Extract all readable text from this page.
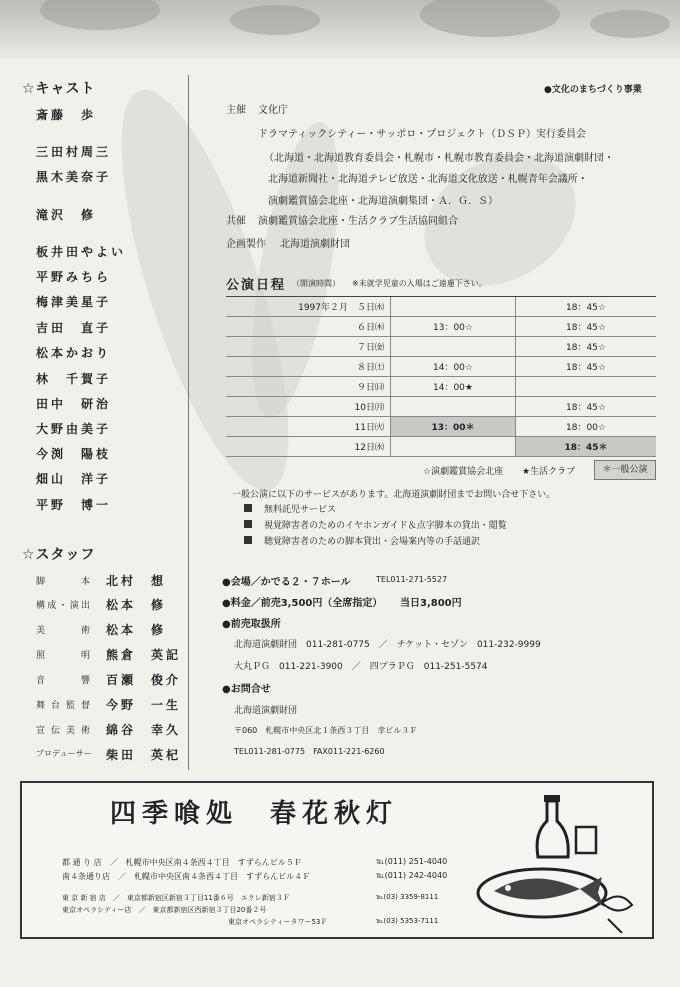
☆キャスト
斎藤　歩
三田村周三
黒木美奈子
滝沢　修
板井田やよい
平野みちら
梅津美星子
吉田　直子
松本かおり
林　千賀子
田中　研治
大野由美子
今渕　陽枝
畑山　洋子
平野　博一
☆スタッフ
脚本 北村　想
構成・演出 松本　修
美術 松本　修
照明 熊倉　英記
音響 百瀬　俊介
舞台監督 今野　一生
宣伝美術 綿谷　幸久
プロデューサー 柴田　英杞
●文化のまちづくり事業
主催 文化庁
ドラマティックシティー・サッポロ・プロジェクト（ＤＳＰ）実行委員会
（北海道・北海道教育委員会・札幌市・札幌市教育委員会・北海道演劇財団・
北海道新聞社・北海道テレビ放送・北海道文化放送・札幌青年会議所・
演劇鑑賞協会北座・北海道演劇集団・Ａ．Ｇ．Ｓ）
共催 演劇鑑賞協会北座・生活クラブ生活協同組合
企画製作 北海道演劇財団
公演日程 （開演時間） ※未就学児童の入場はご遠慮下さい。
1997年２月　５日㈬		18：45☆
６日㈭	13：00☆	18：45☆
７日㈮		18：45☆
８日㈯	14：00☆	18：45☆
９日㈰	14：00★	
10日㈪		18：45☆
11日㈫	13：00＊	18：00☆
12日㈬		18：45＊
☆演劇鑑賞協会北座 ★生活クラブ	＊一般公演
一般公演に以下のサービスがあります。北海道演劇財団までお問い合せ下さい。
無料託児サービス
視覚障害者のためのイヤホンガイド＆点字脚本の貸出・閲覧
聴覚障害者のための脚本貸出・会場案内等の手話通訳
●会場／かでる２・７ホール	TEL011-271-5527
●料金／前売3,500円（全席指定） 当日3,800円
●前売取扱所
北海道演劇財団　011-281-0775　／　チケット・セゾン　011-232-9999
大丸ＰＧ　011-221-3900　／　四プラＰＧ　011-251-5574
●お問合せ
北海道演劇財団
〒060　札幌市中央区北１条西３丁目　幸ビル３Ｆ
TEL011-281-0775　FAX011-221-6260
四季喰処　春花秋灯
都 通 り 店　／　札幌市中央区南４条西４丁目　すずらんビル５Ｆ	℡(011) 251-4040
南４条通り店　／　札幌市中央区南４条西４丁目　すずらんビル４Ｆ	℡(011) 242-4040
東 京 新 宿 店　／　東京都新宿区新宿３丁目11番６号　エクレ新宿３Ｆ	℡(03) 3359-8111
東京オペラシティー店　／　東京都新宿区西新宿３丁目20番２号
東京オペラシティータワー53Ｆ	℡(03) 5353-7111
